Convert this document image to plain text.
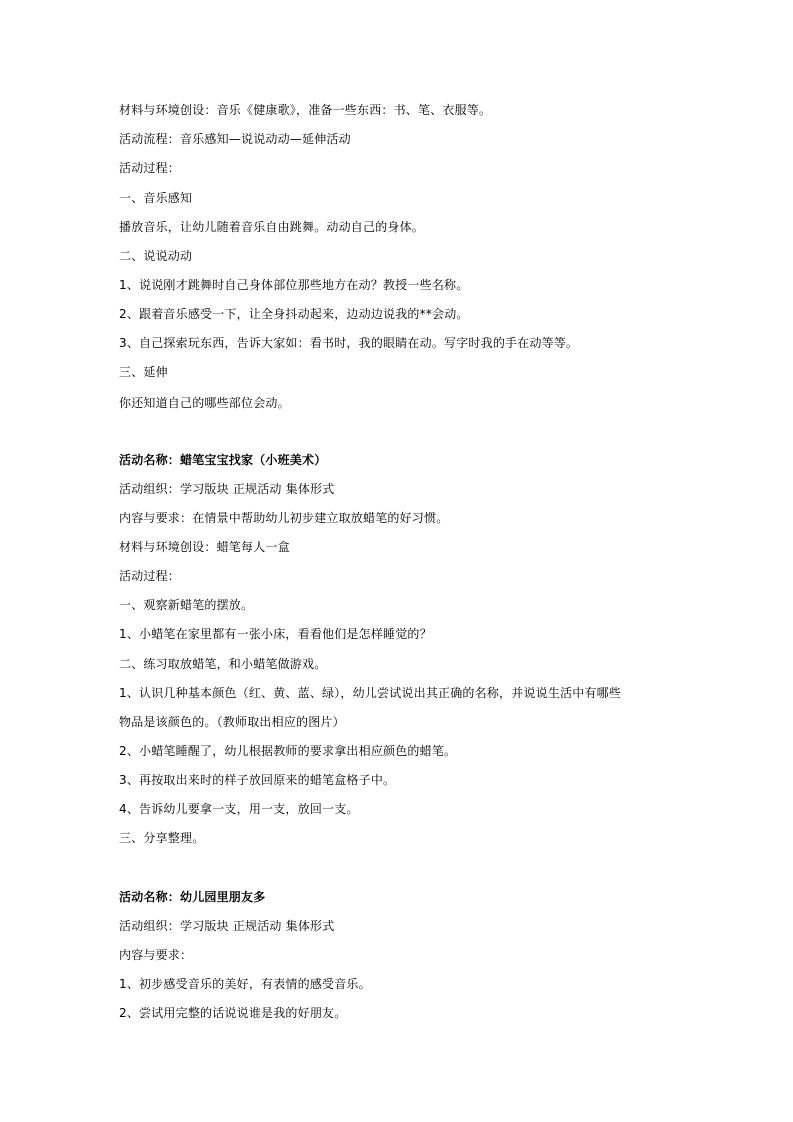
材料与环境创设：音乐《健康歌》，准备一些东西：书、笔、衣服等。
活动流程：音乐感知—说说动动—延伸活动
活动过程：
一、音乐感知
播放音乐，让幼儿随着音乐自由跳舞。动动自己的身体。
二、说说动动
1、说说刚才跳舞时自己身体部位那些地方在动？教授一些名称。
2、跟着音乐感受一下，让全身抖动起来，边动边说我的**会动。
3、自己探索玩东西，告诉大家如：看书时，我的眼睛在动。写字时我的手在动等等。
三、延伸
你还知道自己的哪些部位会动。
活动名称：蜡笔宝宝找家（小班美术）
活动组织：学习版块 正规活动 集体形式
内容与要求：在情景中帮助幼儿初步建立取放蜡笔的好习惯。
材料与环境创设：蜡笔每人一盒
活动过程：
一、观察新蜡笔的摆放。
1、小蜡笔在家里都有一张小床，看看他们是怎样睡觉的？
二、练习取放蜡笔，和小蜡笔做游戏。
1、认识几种基本颜色（红、黄、蓝、绿），幼儿尝试说出其正确的名称，并说说生活中有哪些
物品是该颜色的。（教师取出相应的图片）
2、小蜡笔睡醒了，幼儿根据教师的要求拿出相应颜色的蜡笔。
3、再按取出来时的样子放回原来的蜡笔盒格子中。
4、告诉幼儿要拿一支，用一支，放回一支。
三、分享整理。
活动名称：幼儿园里朋友多
活动组织：学习版块 正规活动 集体形式
内容与要求：
1、初步感受音乐的美好，有表情的感受音乐。
2、尝试用完整的话说说谁是我的好朋友。
